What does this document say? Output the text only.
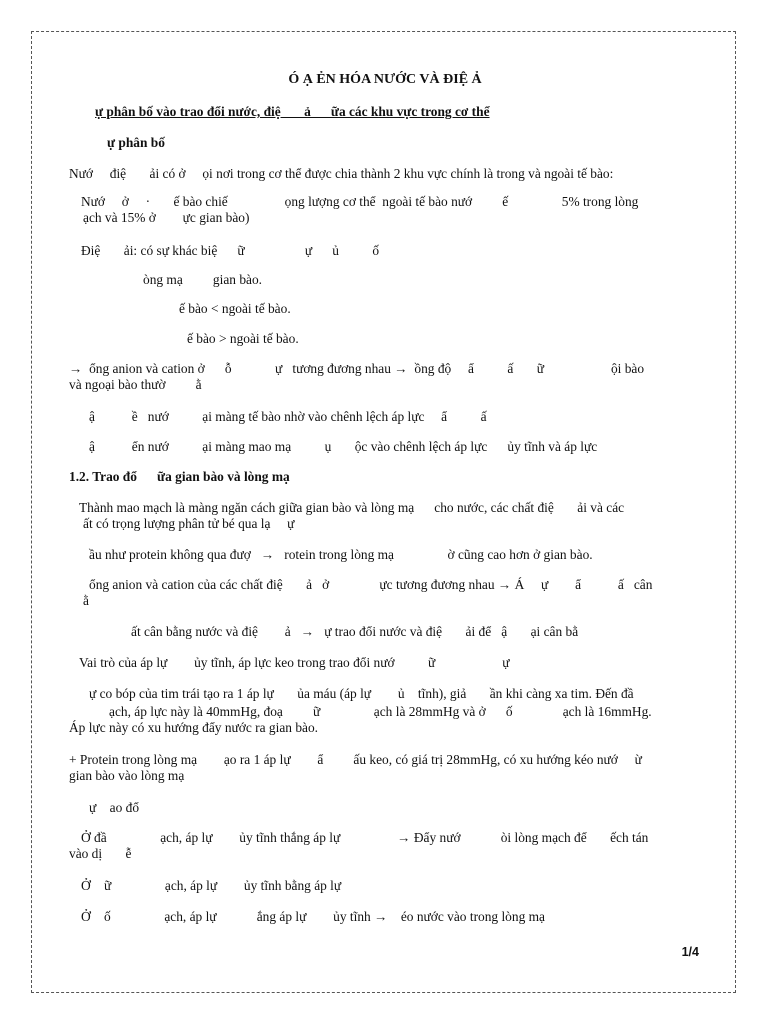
Ó Ạ ẺN HÓA NƯỚC VÀ ĐIỆ Ả
ự phân bố vào trao đổi nước, điệ       ả      ữa các khu vực trong cơ thể
ự phân bố
Nướ     điệ       ải có ở     ọi nơi trong cơ thể được chia thành 2 khu vực chính là trong và ngoài tế bào:
Nướ     ở     ·       ế bào chiế                 ọng lượng cơ thể  ngoài tế bào nướ         ế                5% trong lòng
ạch và 15% ở        ực gian bào)
Điệ       ải: có sự khác biệ      ữ                  ự      ủ          ố
òng mạ         gian bào.
ế bào < ngoài tế bào.
ế bào > ngoài tế bào.
→  ổng anion và cation ở      ỗ             ự   tương đương nhau →  ồng độ     ẩ          ấ       ữ                    ội bào
và ngoại bào thườ         ằ
ậ           ề   nướ          ại màng tế bào nhờ vào chênh lệch áp lực     ẩ          ấ
ậ           ển nướ          ại màng mao mạ          ụ       ộc vào chênh lệch áp lực      ủy tĩnh và áp lực
1.2. Trao đổ      ữa gian bào và lòng mạ
Thành mao mạch là màng ngăn cách giữa gian bào và lòng mạ      cho nước, các chất điệ       ải và các
ất có trọng lượng phân tử bé qua lạ     ự
ầu như protein không qua đượ   →   rotein trong lòng mạ                ờ cũng cao hơn ở gian bào.
ổng anion và cation của các chất điệ       ả   ở               ực tương đương nhau → Á     ự        ẩ           ấ   cân
ằ
ất cân bằng nước và điệ        ả   →   ự trao đổi nước và điệ       ải để   ậ       ại cân bằ
Vai trò của áp lự        ủy tĩnh, áp lực keo trong trao đổi nướ          ữ                    ự
ự co bóp của tim trái tạo ra 1 áp lự       ủa máu (áp lự        ủ    tĩnh), giả       ần khi càng xa tim. Đến đầ
ạch, áp lực này là 40mmHg, đoạ         ữ                ạch là 28mmHg và ở      ố               ạch là 16mmHg.
Áp lực này có xu hướng đẩy nước ra gian bào.
+ Protein trong lòng mạ        ạo ra 1 áp lự        ẩ         ấu keo, có giá trị 28mmHg, có xu hướng kéo nướ     ừ
gian bào vào lòng mạ
ự    ao đổ
Ở đầ                ạch, áp lự        ủy tĩnh thắng áp lự                 → Đẩy nướ            òi lòng mạch để       ếch tán
vào dị       ễ
Ở    ữ                ạch, áp lự        ủy tĩnh bằng áp lự
Ở    ố                ạch, áp lự            ắng áp lự        ủy tĩnh →    éo nước vào trong lòng mạ
1/4
